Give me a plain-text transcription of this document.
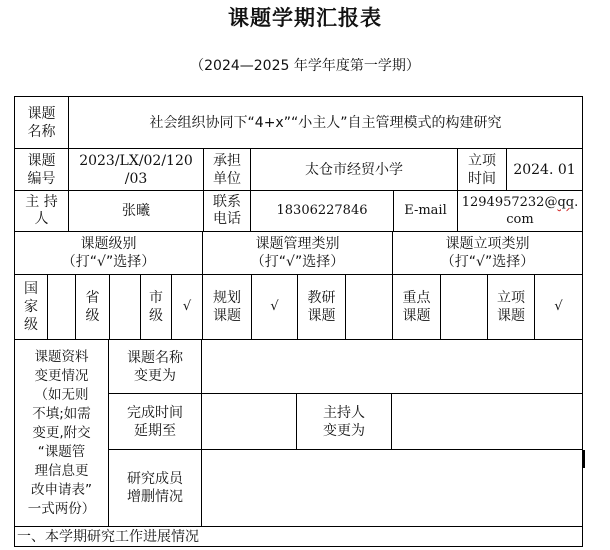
课题学期汇报表
（2024—2025 年学年度第一学期）
课题
名称
社会组织协同下“4+x”“小主人”自主管理模式的构建研究
课题
编号
2023/LX/02/120
/03
承担
单位
太仓市经贸小学
立项
时间
2024. 01
主 持
人	张曦
联系
电话
18306227846	E-mail
1294957232@qq.
com
课题级别
（打“√”选择）
课题管理类别
（打“√”选择）
课题立项类别
（打“√”选择）
国
家
级
省
级
市
级
√
规划
课题
√
教研
课题
重点
课题
立项
课题
√
课题资料
变更情况
（如无则
不填;如需
变更,附交
“课题管
理信息更
改申请表”
一式两份）
课题名称
变更为
完成时间
延期至
主持人
变更为
研究成员
增删情况
一、本学期研究工作进展情况
